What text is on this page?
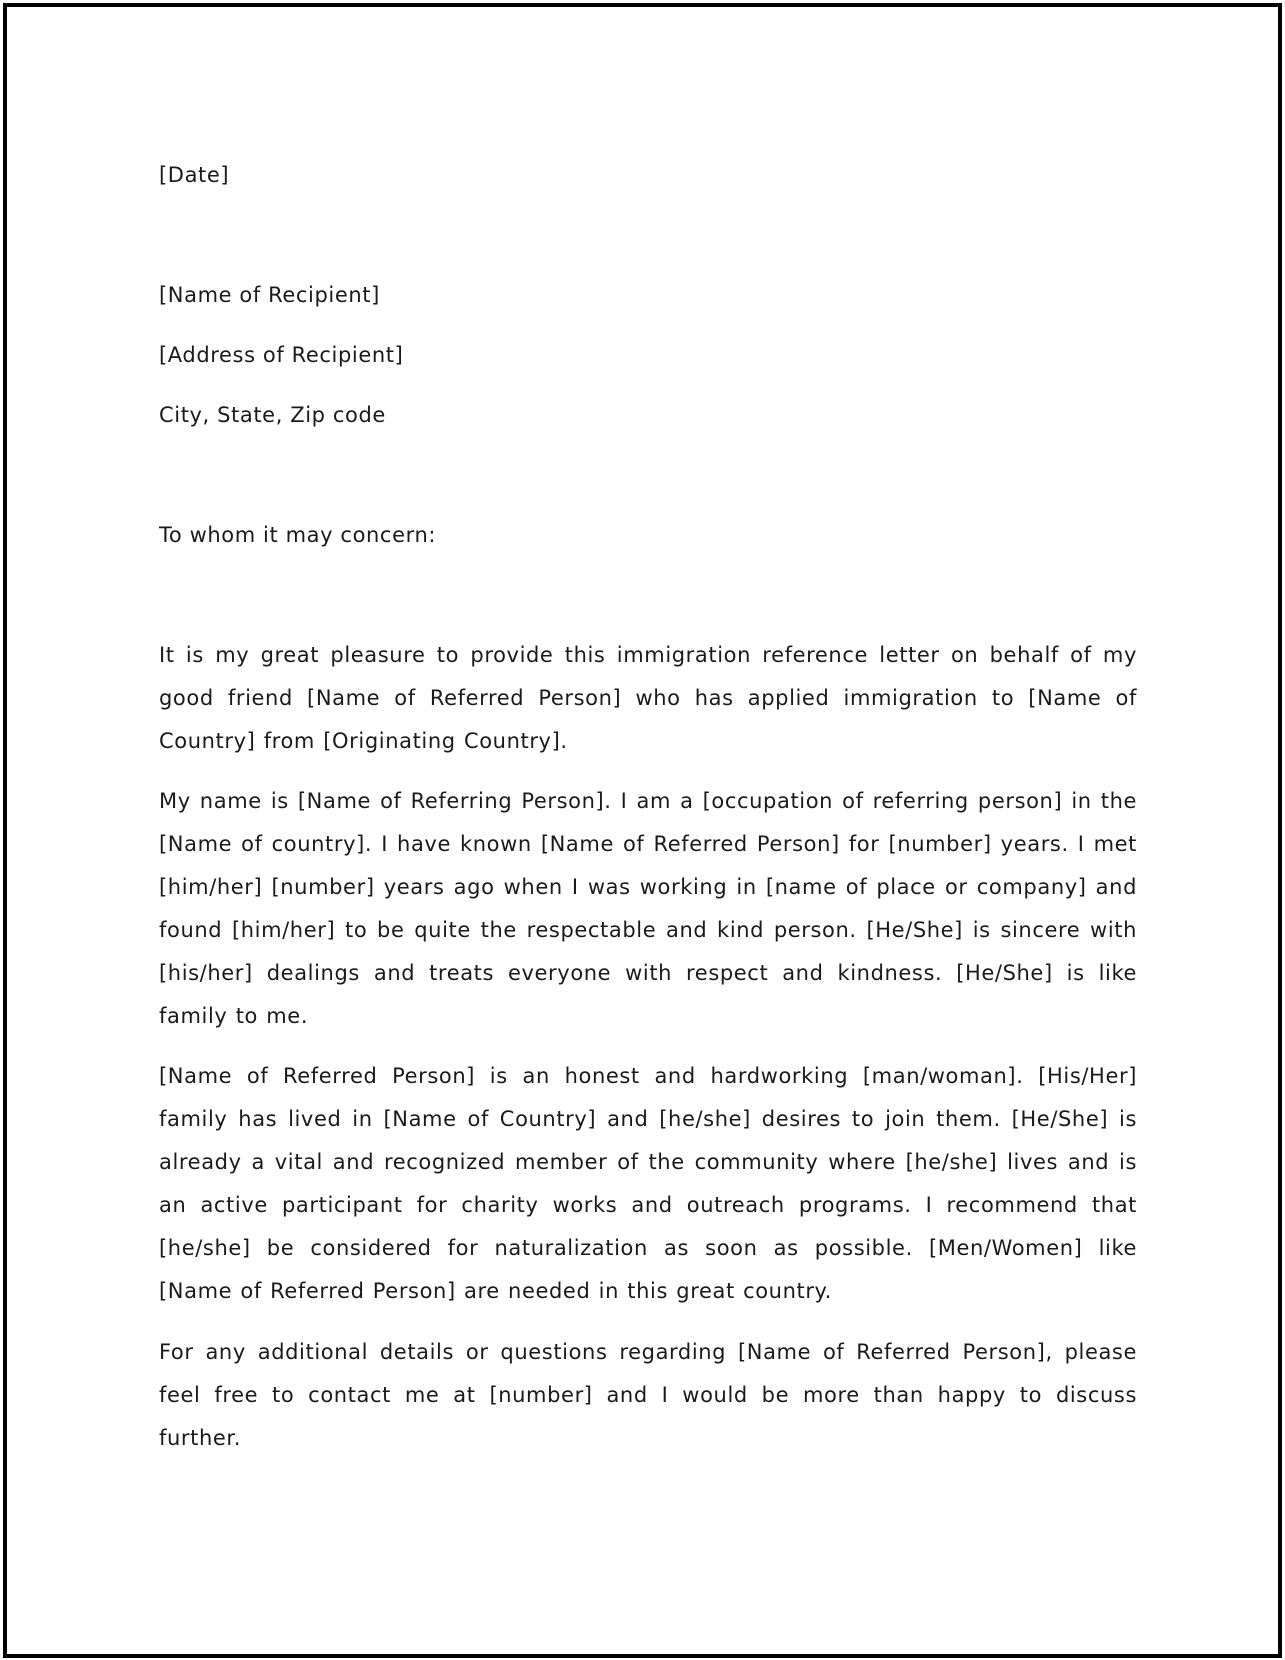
[Date]
[Name of Recipient]
[Address of Recipient]
City, State, Zip code
To whom it may concern:
It is my great pleasure to provide this immigration reference letter on behalf of my good friend [Name of Referred Person] who has applied immigration to [Name of Country] from [Originating Country].
My name is [Name of Referring Person]. I am a [occupation of referring person] in the [Name of country]. I have known [Name of Referred Person] for [number] years. I met [him/her] [number] years ago when I was working in [name of place or company] and found [him/her] to be quite the respectable and kind person. [He/She] is sincere with [his/her] dealings and treats everyone with respect and kindness. [He/She] is like family to me.
[Name of Referred Person] is an honest and hardworking [man/woman]. [His/Her] family has lived in [Name of Country] and [he/she] desires to join them. [He/She] is already a vital and recognized member of the community where [he/she] lives and is an active participant for charity works and outreach programs. I recommend that [he/she] be considered for naturalization as soon as possible. [Men/Women] like [Name of Referred Person] are needed in this great country.
For any additional details or questions regarding [Name of Referred Person], please feel free to contact me at [number] and I would be more than happy to discuss further.
